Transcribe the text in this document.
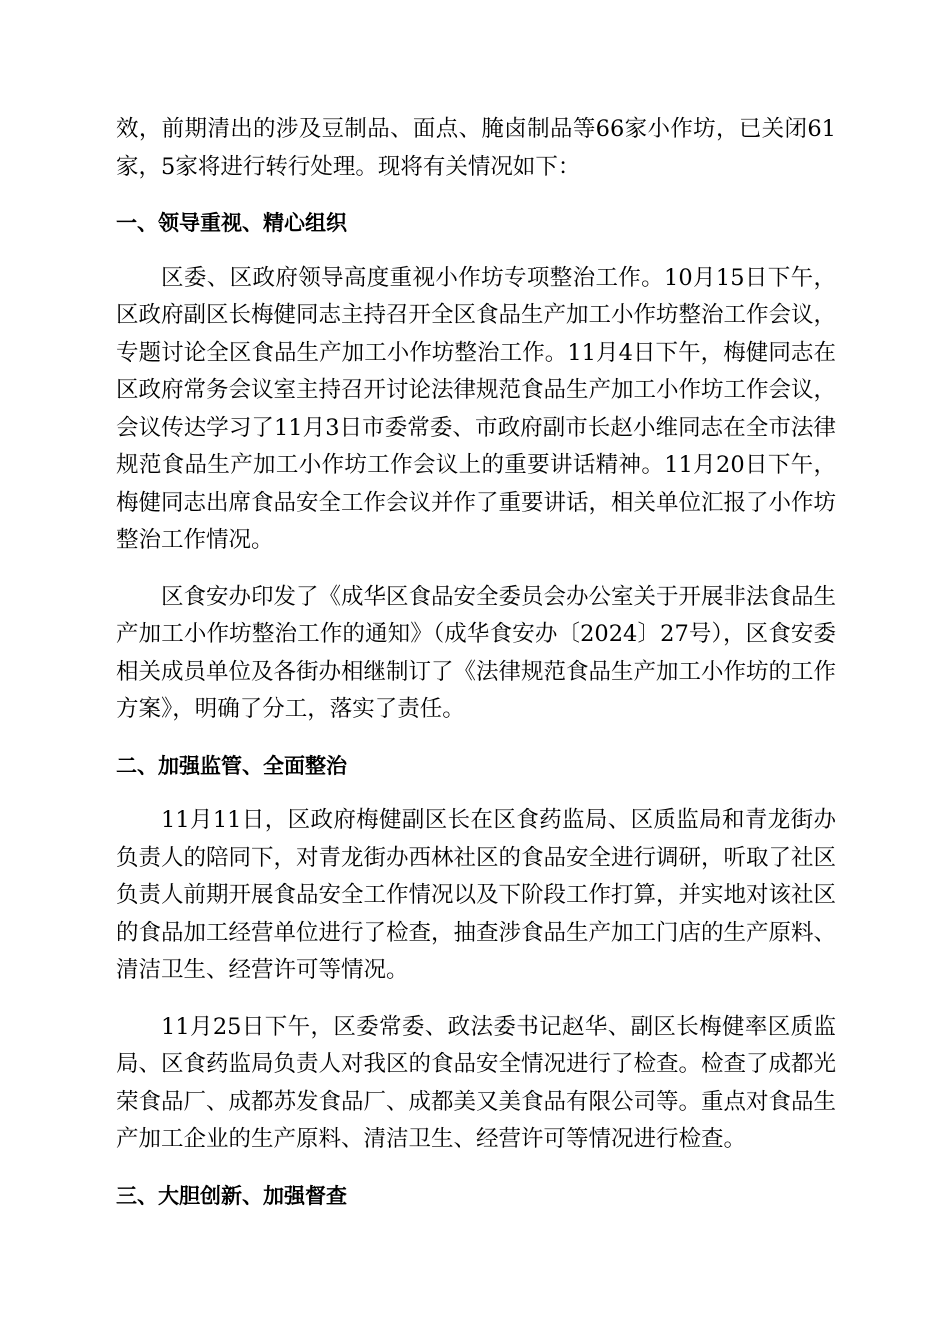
效，前期清出的涉及豆制品、面点、腌卤制品等66家小作坊，已关闭61家，5家将进行转行处理。现将有关情况如下：

一、领导重视、精心组织

区委、区政府领导高度重视小作坊专项整治工作。10月15日下午，区政府副区长梅健同志主持召开全区食品生产加工小作坊整治工作会议，专题讨论全区食品生产加工小作坊整治工作。11月4日下午，梅健同志在区政府常务会议室主持召开讨论法律规范食品生产加工小作坊工作会议，会议传达学习了11月3日市委常委、市政府副市长赵小维同志在全市法律规范食品生产加工小作坊工作会议上的重要讲话精神。11月20日下午，梅健同志出席食品安全工作会议并作了重要讲话，相关单位汇报了小作坊整治工作情况。

区食安办印发了《成华区食品安全委员会办公室关于开展非法食品生产加工小作坊整治工作的通知》（成华食安办〔2024〕27号），区食安委相关成员单位及各街办相继制订了《法律规范食品生产加工小作坊的工作方案》，明确了分工，落实了责任。

二、加强监管、全面整治

11月11日，区政府梅健副区长在区食药监局、区质监局和青龙街办负责人的陪同下，对青龙街办西林社区的食品安全进行调研，听取了社区负责人前期开展食品安全工作情况以及下阶段工作打算，并实地对该社区的食品加工经营单位进行了检查，抽查涉食品生产加工门店的生产原料、清洁卫生、经营许可等情况。

11月25日下午，区委常委、政法委书记赵华、副区长梅健率区质监局、区食药监局负责人对我区的食品安全情况进行了检查。检查了成都光荣食品厂、成都苏发食品厂、成都美又美食品有限公司等。重点对食品生产加工企业的生产原料、清洁卫生、经营许可等情况进行检查。

三、大胆创新、加强督查
